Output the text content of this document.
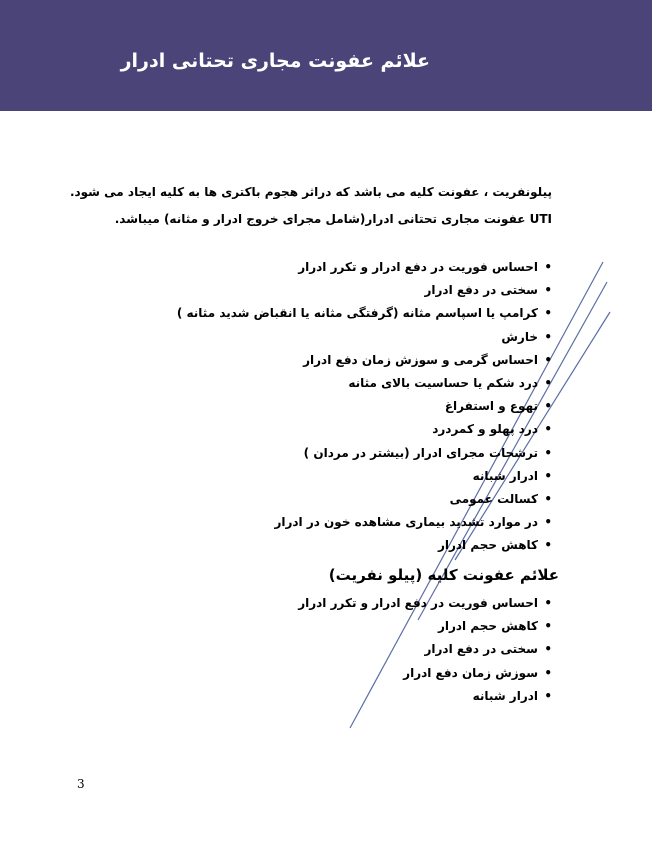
علائم عفونت مجاری تحتانی ادرار
پیلونفریت ، عفونت کلیه می باشد که دراثر هجوم باکتری ها به کلیه ایجاد می شود.
UTI عفونت مجاری تحتانی ادرار(شامل مجرای خروج ادرار و مثانه) میباشد.
• احساس فوریت در دفع ادرار و تکرر ادرار
• سختی در دفع ادرار
• کرامپ یا اسپاسم مثانه (گرفتگی مثانه یا انقباض شدید مثانه )
• خارش
• احساس گرمی و سوزش زمان دفع ادرار
• درد شکم یا حساسیت بالای مثانه
• تهوع و استفراغ
• درد پهلو و کمردرد
• ترشحات مجرای ادرار (بیشتر در مردان )
• ادرار شبانه
• کسالت عمومی
• در موارد تشدید بیماری مشاهده خون در ادرار
• کاهش حجم ادرار
علائم عفونت کلیه (پیلو نفریت)
• احساس فوریت در دفع ادرار و تکرر ادرار
• کاهش حجم ادرار
• سختی در دفع ادرار
• سوزش زمان دفع ادرار
• ادرار شبانه
3
